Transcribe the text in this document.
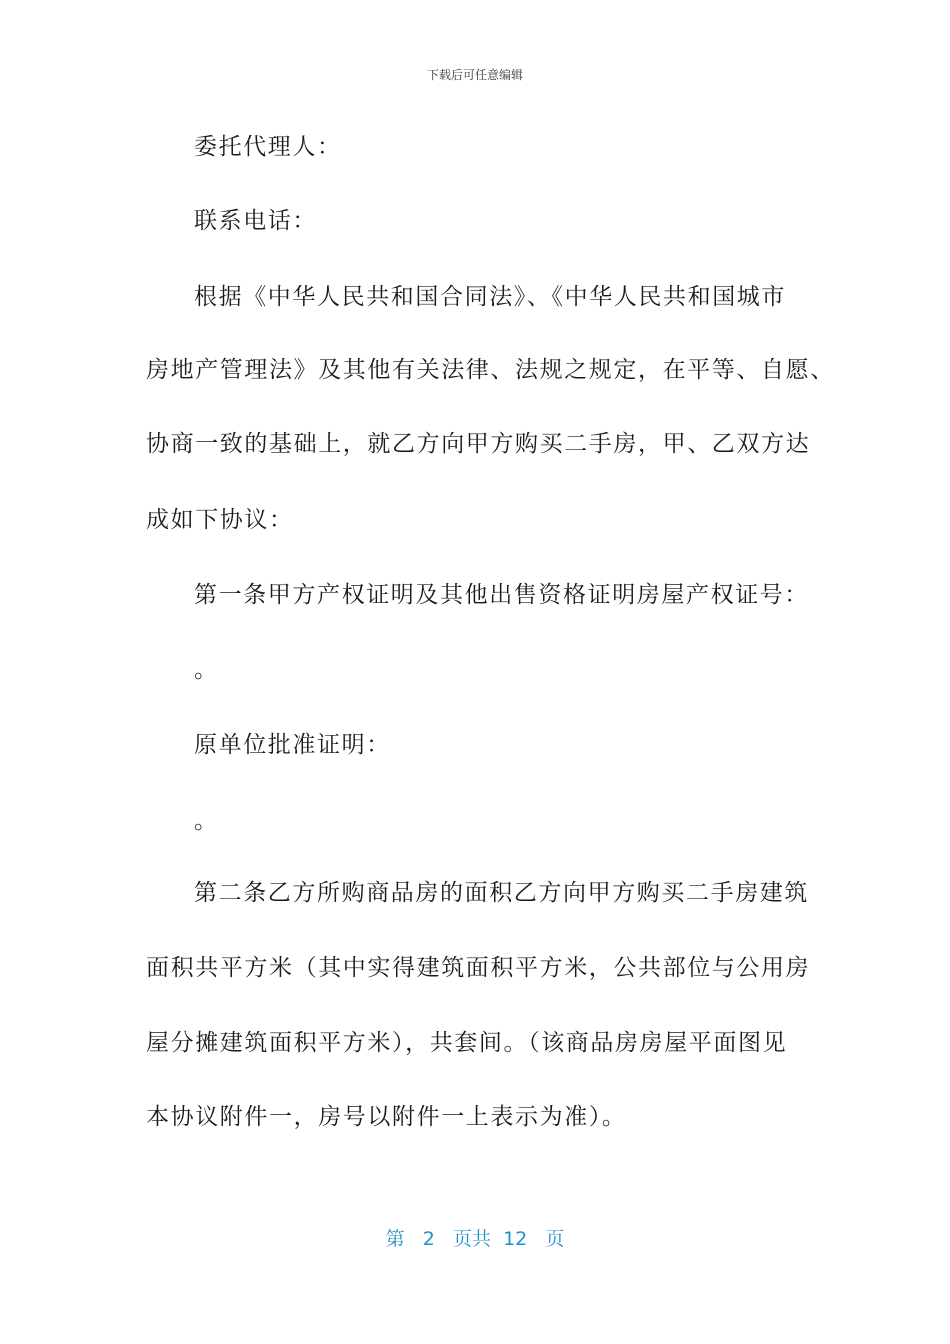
下载后可任意编辑
委托代理人：
联系电话：
根据《中华人民共和国合同法》、《中华人民共和国城市
房地产管理法》及其他有关法律、法规之规定，在平等、自愿、
协商一致的基础上，就乙方向甲方购买二手房，甲、乙双方达
成如下协议：
第一条甲方产权证明及其他出售资格证明房屋产权证号：
。
原单位批准证明：
。
第二条乙方所购商品房的面积乙方向甲方购买二手房建筑
面积共平方米（其中实得建筑面积平方米，公共部位与公用房
屋分摊建筑面积平方米），共套间。（该商品房房屋平面图见
本协议附件一，房号以附件一上表示为准）。
第 2 页共 12 页
